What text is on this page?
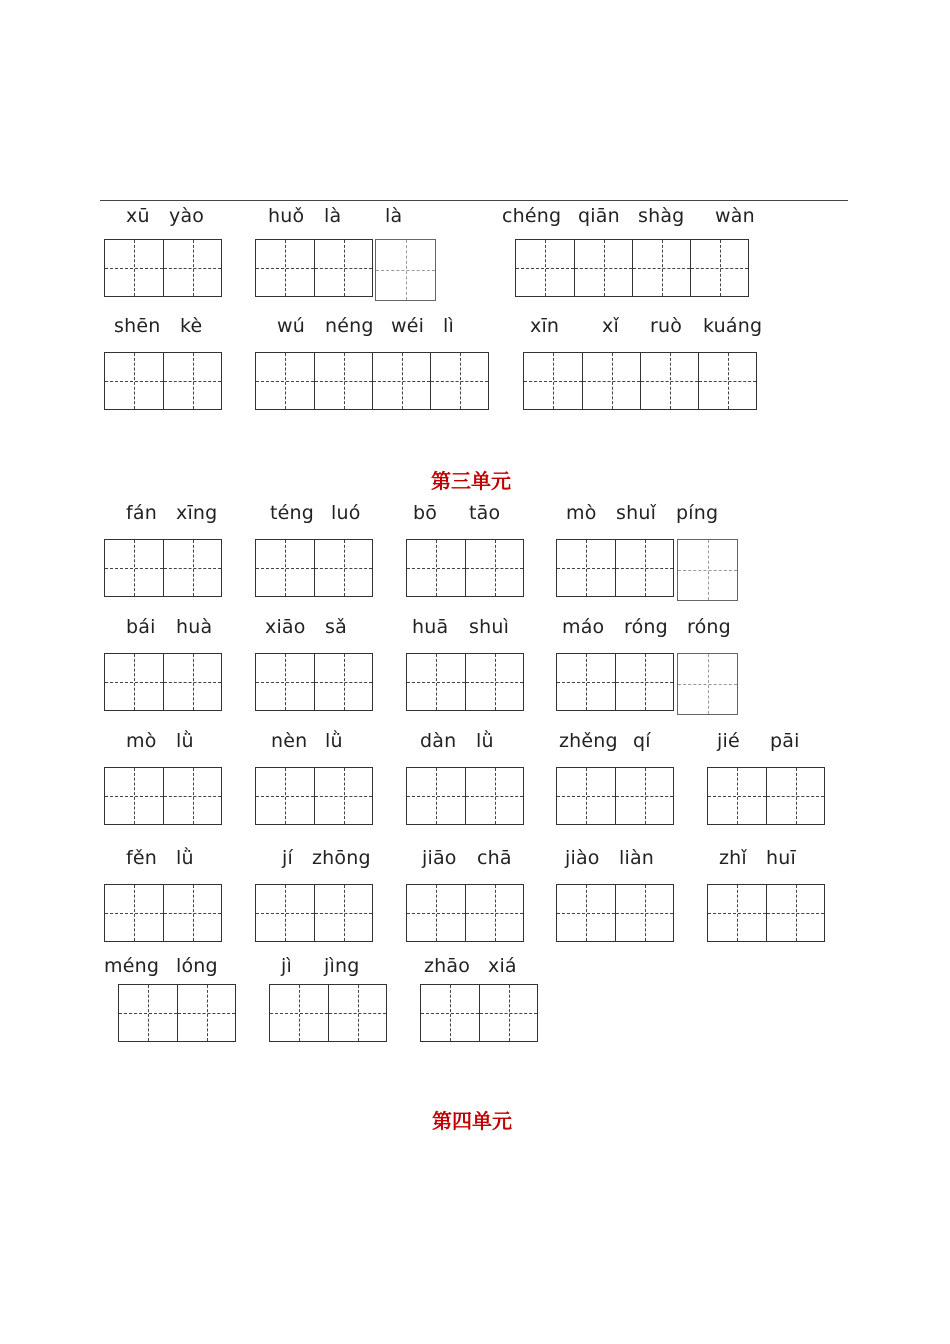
xū yào	huǒ là là	chéng qiān shàg wàn
shēn kè	wú néng wéi lì	xīn xǐ ruò kuáng
第三单元
fán xīng	téng luó	bō tāo	mò shuǐ píng
bái huà	xiāo sǎ	huā shuì	máo róng róng
mò lǜ	nèn lǜ	dàn lǜ	zhěng qí	jié pāi
fěn lǜ	jí zhōng	jiāo chā	jiào liàn	zhǐ huī
méng lóng	jì jìng	zhāo xiá
第四单元
